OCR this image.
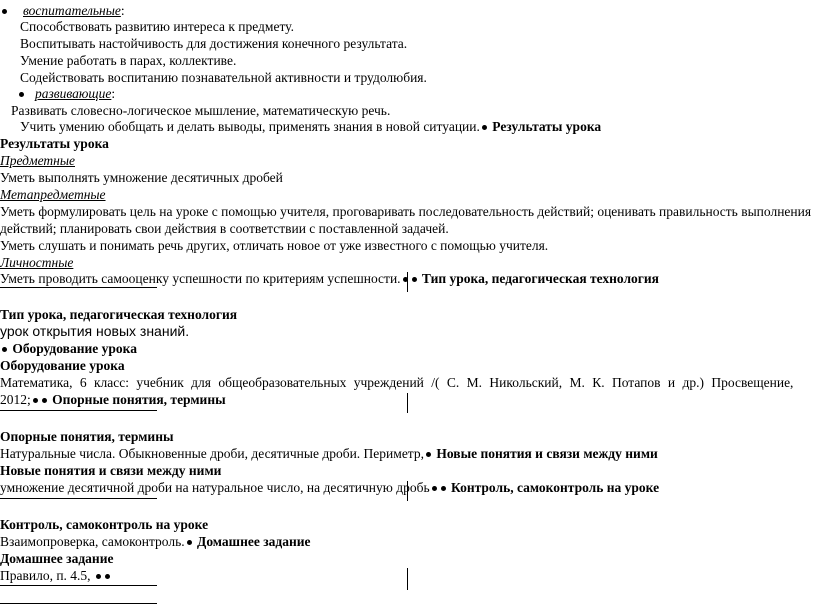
воспитательные:
Способствовать развитию интереса к предмету.
Воспитывать настойчивость для достижения конечного результата.
Умение работать в парах, коллективе.
Содействовать воспитанию познавательной активности и трудолюбия.
развивающие:
Развивать словесно-логическое мышление, математическую речь.
Учить умению обобщать и делать выводы, применять знания в новой ситуации. Результаты урока
Результаты урока
Предметные
Уметь выполнять умножение десятичных дробей
Метапредметные
Уметь формулировать цель на уроке с помощью учителя, проговаривать последовательность действий; оценивать правильность выполнения
действий; планировать свои действия в соответствии с поставленной задачей.
Уметь слушать и понимать речь других, отличать новое от уже известного с помощью учителя.
Личностные
Уметь проводить самооценку успешности по критериям успешности. Тип урока, педагогическая технология
Тип урока, педагогическая технология
урок открытия новых знаний.
Оборудование урока
Оборудование урока
Математика, 6 класс: учебник для общеобразовательных учреждений /( С. М. Никольский, М. К. Потапов и др.) Просвещение,
2012; Опорные понятия, термины
Опорные понятия, термины
Натуральные числа. Обыкновенные дроби, десятичные дроби. Периметр, Новые понятия и связи между ними
Новые понятия и связи между ними
умножение десятичной дроби на натуральное число, на десятичную дробь Контроль, самоконтроль на уроке
Контроль, самоконтроль на уроке
Взаимопроверка, самоконтроль. Домашнее задание
Домашнее задание
Правило, п. 4.5,
